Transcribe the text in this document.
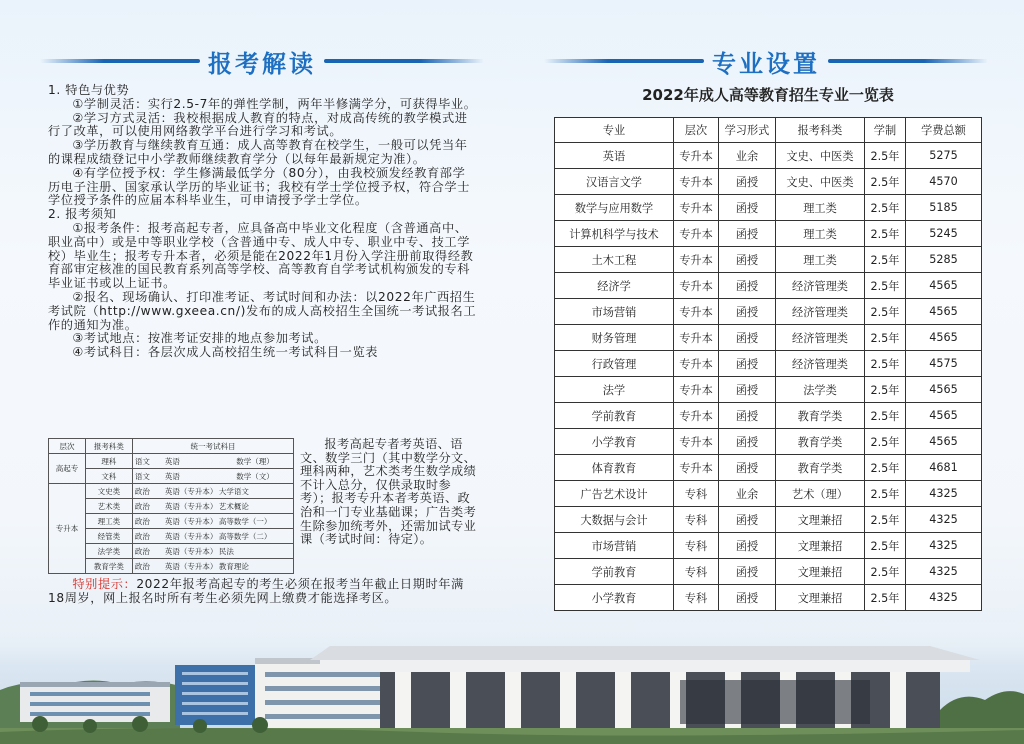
报考解读

1. 特色与优势

①学制灵活：实行2.5-7年的弹性学制，两年半修满学分，可获得毕业。

②学习方式灵活：我校根据成人教育的特点，对成高传统的教学模式进行了改革，可以使用网络教学平台进行学习和考试。

③学历教育与继续教育互通：成人高等教育在校学生，一般可以凭当年的课程成绩登记中小学教师继续教育学分（以每年最新规定为准）。

④有学位授予权：学生修满最低学分（80分），由我校颁发经教育部学历电子注册、国家承认学历的毕业证书；我校有学士学位授予权，符合学士学位授予条件的应届本科毕业生，可申请授予学士学位。

2. 报考须知

①报考条件：报考高起专者，应具备高中毕业文化程度（含普通高中、职业高中）或是中等职业学校（含普通中专、成人中专、职业中专、技工学校）毕业生；报考专升本者，必须是能在2022年1月份入学注册前取得经教育部审定核准的国民教育系列高等学校、高等教育自学考试机构颁发的专科毕业证书或以上证书。

②报名、现场确认、打印准考证、考试时间和办法：以2022年广西招生考试院（http://www.gxeea.cn/)发布的成人高校招生全国统一考试报名工作的通知为准。

③考试地点：按准考证安排的地点参加考试。

④考试科目：各层次成人高校招生统一考试科目一览表

层次	报考科类	统一考试科目		
高起专	理科	语文	英语	数学（理）
	文科	语文	英语	数学（文）
专升本	文史类	政治	英语（专升本）	大学语文
	艺术类	政治	英语（专升本）	艺术概论
	理工类	政治	英语（专升本）	高等数学（一）
	经管类	政治	英语（专升本）	高等数学（二）
	法学类	政治	英语（专升本）	民法
	教育学类	政治	英语（专升本）	教育理论

报考高起专者考英语、语文、数学三门（其中数学分文、理科两种，艺术类考生数学成绩不计入总分，仅供录取时参考）；报考专升本者考英语、政治和一门专业基础课；广告类考生除参加统考外，还需加试专业课（考试时间：待定）。

特别提示：2022年报考高起专的考生必须在报考当年截止日期时年满18周岁，网上报名时所有考生必须先网上缴费才能选择考区。

专业设置
2022年成人高等教育招生专业一览表
专业	层次	学习形式	报考科类	学制	学费总额
英语	专升本	业余	文史、中医类	2.5年	5275
汉语言文学	专升本	函授	文史、中医类	2.5年	4570
数学与应用数学	专升本	函授	理工类	2.5年	5185
计算机科学与技术	专升本	函授	理工类	2.5年	5245
土木工程	专升本	函授	理工类	2.5年	5285
经济学	专升本	函授	经济管理类	2.5年	4565
市场营销	专升本	函授	经济管理类	2.5年	4565
财务管理	专升本	函授	经济管理类	2.5年	4565
行政管理	专升本	函授	经济管理类	2.5年	4575
法学	专升本	函授	法学类	2.5年	4565
学前教育	专升本	函授	教育学类	2.5年	4565
小学教育	专升本	函授	教育学类	2.5年	4565
体育教育	专升本	函授	教育学类	2.5年	4681
广告艺术设计	专科	业余	艺术（理）	2.5年	4325
大数据与会计	专科	函授	文理兼招	2.5年	4325
市场营销	专科	函授	文理兼招	2.5年	4325
学前教育	专科	函授	文理兼招	2.5年	4325
小学教育	专科	函授	文理兼招	2.5年	4325
